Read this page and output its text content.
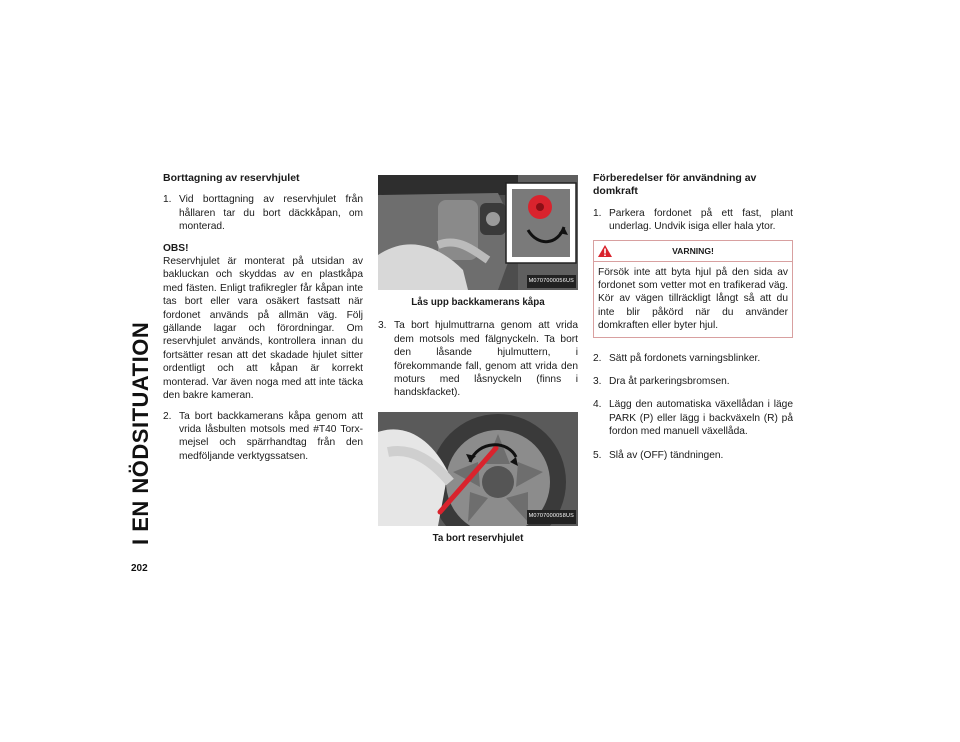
I EN NÖDSITUATION
202
Borttagning av reservhjulet
1. Vid borttagning av reservhjulet från hållaren tar du bort däckkåpan, om monterad.

OBS!

Reservhjulet är monterat på utsidan av bakluckan och skyddas av en plastkåpa med fästen. Enligt trafikregler får kåpan inte tas bort eller vara osäkert fastsatt när fordonet används på allmän väg. Följ gällande lagar och förordningar. Om reservhjulet används, kontrollera innan du fortsätter resan att det skadade hjulet sitter ordentligt och att kåpan är korrekt monterad. Var även noga med att inte täcka den bakre kameran.

2. Ta bort backkamerans kåpa genom att vrida låsbulten motsols med #T40 Torx-mejsel och spärrhandtag från den medföljande verktygssatsen.
M0707000056US
Lås upp backkamerans kåpa
3. Ta bort hjulmuttrarna genom att vrida dem motsols med fälgnyckeln. Ta bort den låsande hjulmuttern, i förekommande fall, genom att vrida den moturs med låsnyckeln (finns i handskfacket).
M0707000058US
Ta bort reservhjulet
Förberedelser för användning av domkraft
1. Parkera fordonet på ett fast, plant underlag. Undvik isiga eller hala ytor.
VARNING!
Försök inte att byta hjul på den sida av fordonet som vetter mot en trafikerad väg. Kör av vägen tillräckligt långt så att du inte blir påkörd när du använder domkraften eller byter hjul.
2. Sätt på fordonets varningsblinker.
3. Dra åt parkeringsbromsen.
4. Lägg den automatiska växellådan i läge PARK (P) eller lägg i backväxeln (R) på fordon med manuell växellåda.
5. Slå av (OFF) tändningen.
